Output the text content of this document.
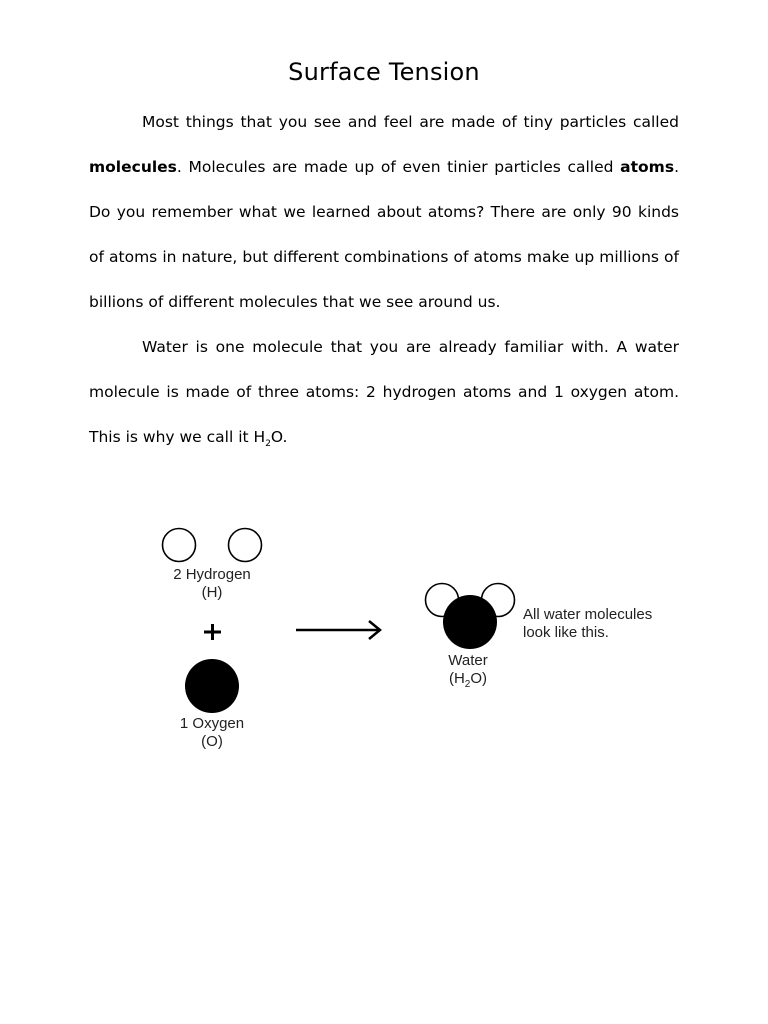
Surface Tension

Most things that you see and feel are made of tiny particles called molecules. Molecules are made up of even tinier particles called atoms. Do you remember what we learned about atoms? There are only 90 kinds of atoms in nature, but different combinations of atoms make up millions of billions of different molecules that we see around us.

Water is one molecule that you are already familiar with. A water molecule is made of three atoms: 2 hydrogen atoms and 1 oxygen atom. This is why we call it $H_2O$.

2 Hydrogen
(H)
1 Oxygen
(O)
Water
$(H_2O)$
All water molecules
look like this.
